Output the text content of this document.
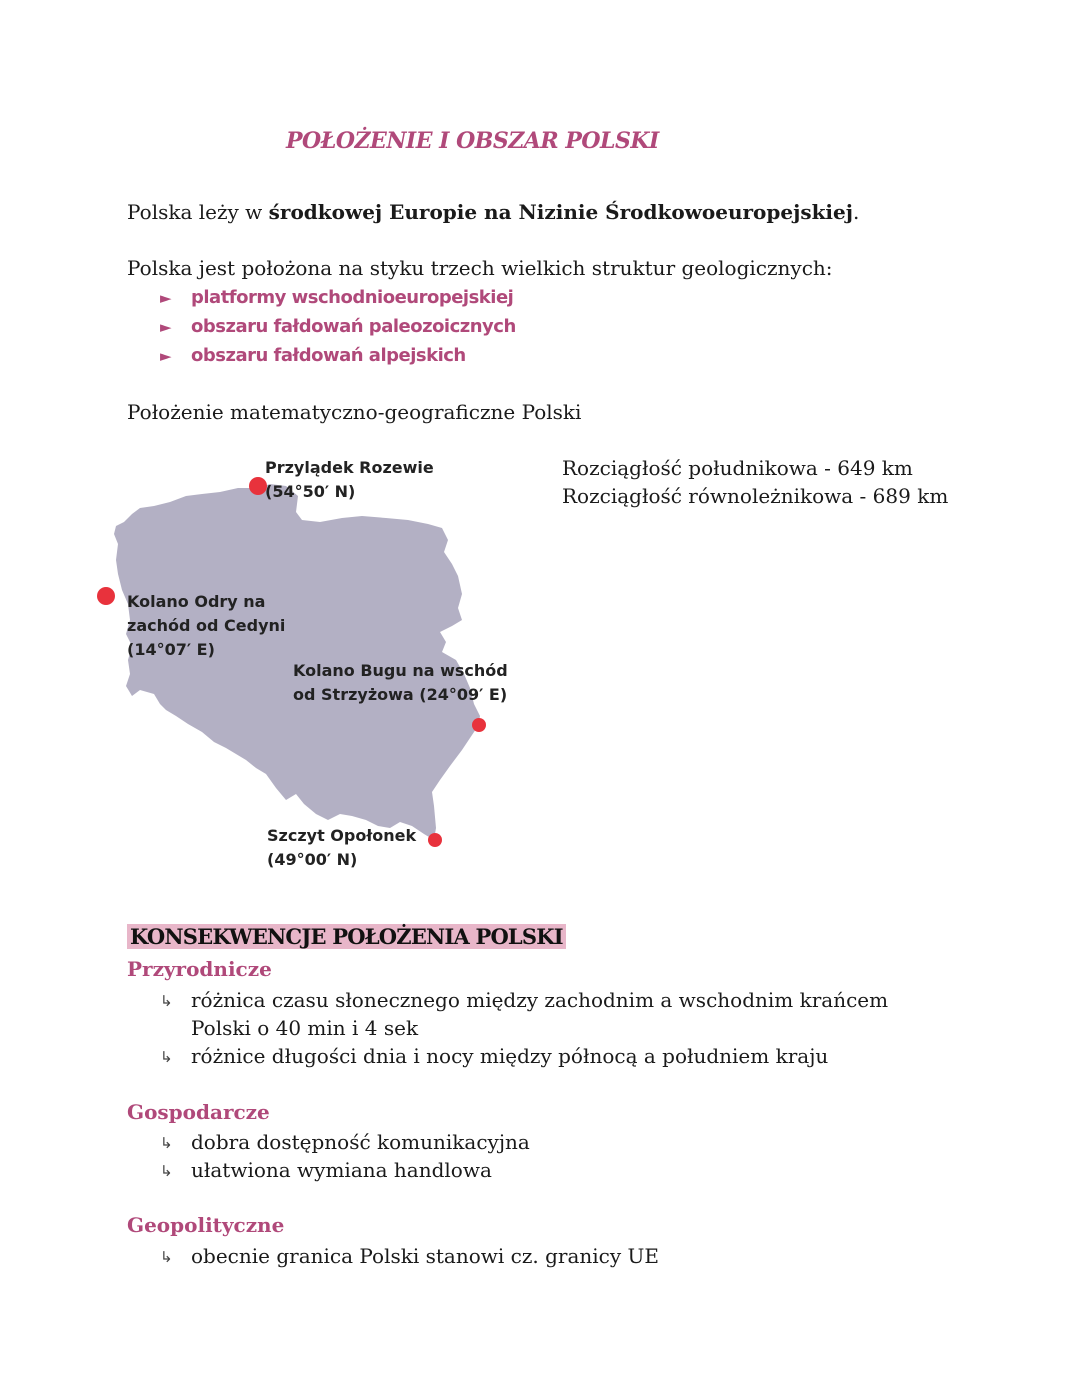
POŁOŻENIE I OBSZAR POLSKI
Polska leży w środkowej Europie na Nizinie Środkowoeuropejskiej.
Polska jest położona na styku trzech wielkich struktur geologicznych:
► platformy wschodnioeuropejskiej
► obszaru fałdowań paleozoicznych
► obszaru fałdowań alpejskich
Położenie matematyczno-geograficzne Polski
Przylądek Rozewie
(54°50′ N)
Kolano Odry na
zachód od Cedyni
(14°07′ E)
Kolano Bugu na wschód
od Strzyżowa (24°09′ E)
Szczyt Opołonek
(49°00′ N)
Rozciągłość południkowa - 649 km
Rozciągłość równoleżnikowa - 689 km
KONSEKWENCJE POŁOŻENIA POLSKI
Przyrodnicze
↳ różnica czasu słonecznego między zachodnim a wschodnim krańcem Polski o 40 min i 4 sek
↳ różnice długości dnia i nocy między północą a południem kraju
Gospodarcze
↳ dobra dostępność komunikacyjna
↳ ułatwiona wymiana handlowa
Geopolityczne
↳ obecnie granica Polski stanowi cz. granicy UE
